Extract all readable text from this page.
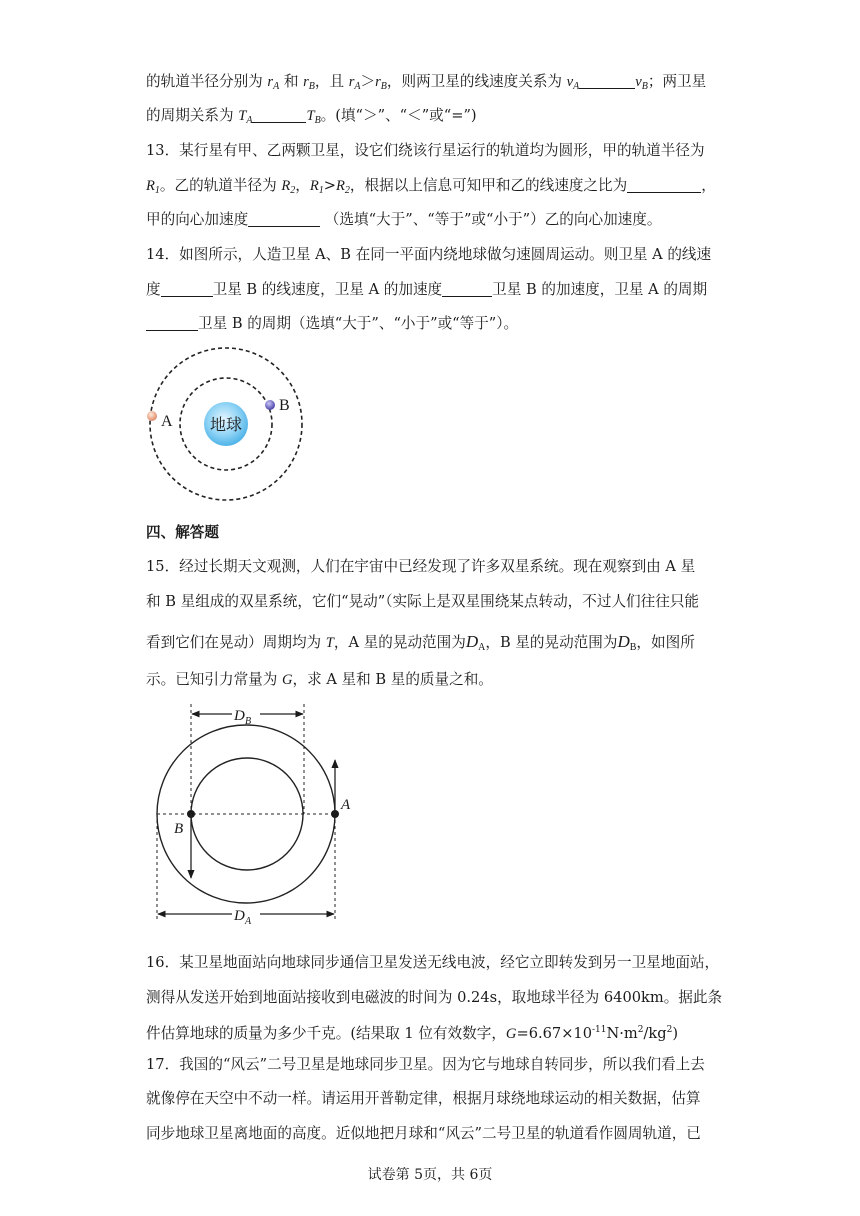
的轨道半径分别为 $r_A$ 和 $r_B$，且 $r_A>r_B$，则两卫星的线速度关系为 $v_A$	$v_B$；两卫星
的周期关系为 $T_A$	$T_B$。(填“＞”、“＜”或“=”)
13．某行星有甲、乙两颗卫星，设它们绕该行星运行的轨道均为圆形，甲的轨道半径为
$R_1$。乙的轨道半径为 $R_2$，$R_1>R_2$，根据以上信息可知甲和乙的线速度之比为	，
甲的向心加速度	（选填“大于”、“等于”或“小于”）乙的向心加速度。
14．如图所示，人造卫星 A、B 在同一平面内绕地球做匀速圆周运动。则卫星 A 的线速
度	卫星 B 的线速度，卫星 A 的加速度	卫星 B 的加速度，卫星 A 的周期
卫星 B 的周期（选填“大于”、“小于”或“等于”）。
地球
A
B
四、解答题
15．经过长期天文观测，人们在宇宙中已经发现了许多双星系统。现在观察到由 A 星
和 B 星组成的双星系统，它们“晃动”（实际上是双星围绕某点转动，不过人们往往只能
看到它们在晃动）周期均为 T，A 星的晃动范围为$D_A$，B 星的晃动范围为$D_B$，如图所
示。已知引力常量为 G，求 A 星和 B 星的质量之和。
D B
D A
A
B
16．某卫星地面站向地球同步通信卫星发送无线电波，经它立即转发到另一卫星地面站，
测得从发送开始到地面站接收到电磁波的时间为 0.24s，取地球半径为 6400km。据此条
件估算地球的质量为多少千克。(结果取 1 位有效数字，$G=6.67\times 10^{-11}N\cdot m^2/kg^2$)
17．我国的“风云”二号卫星是地球同步卫星。因为它与地球自转同步，所以我们看上去
就像停在天空中不动一样。请运用开普勒定律，根据月球绕地球运动的相关数据，估算
同步地球卫星离地面的高度。近似地把月球和“风云”二号卫星的轨道看作圆周轨道，已
试卷第 5页，共 6页
